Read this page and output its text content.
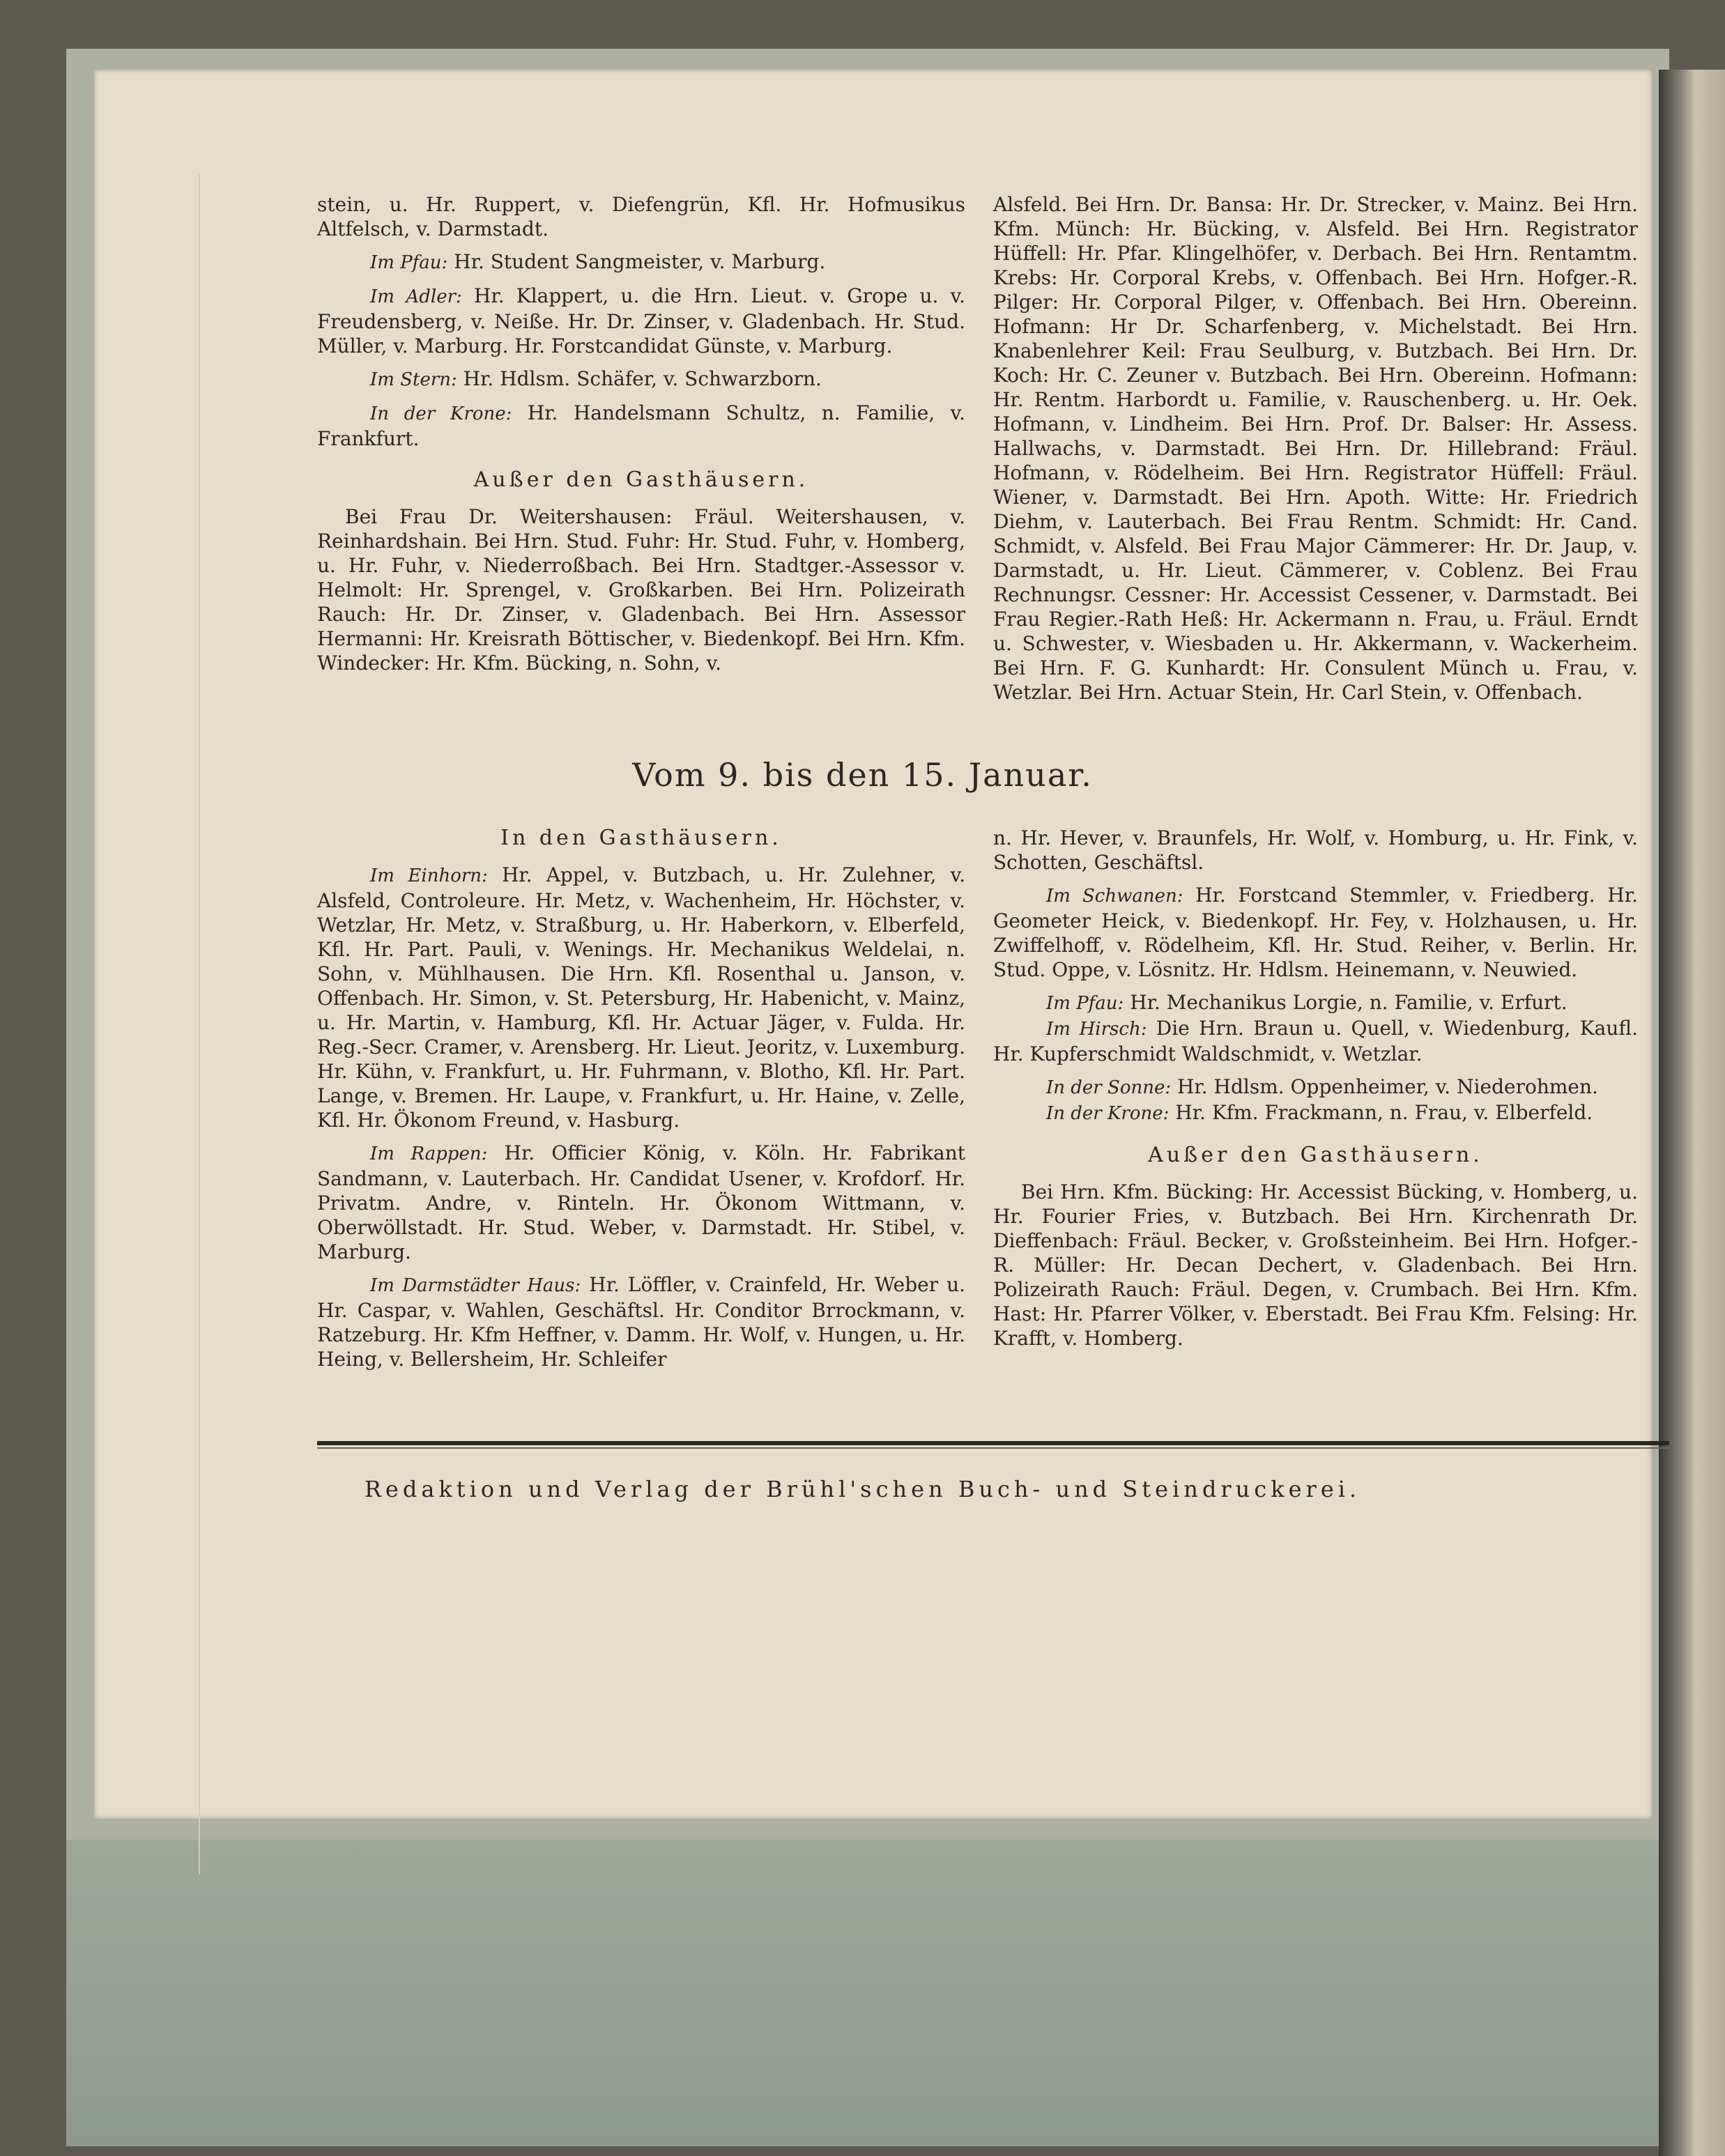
stein, u. Hr. Ruppert, v. Diefengrün, Kfl. Hr. Hofmusikus Altfelsch, v. Darmstadt.

Im Pfau: Hr. Student Sangmeister, v. Marburg.

Im Adler: Hr. Klappert, u. die Hrn. Lieut. v. Grope u. v. Freudensberg, v. Neiße. Hr. Dr. Zinser, v. Gladenbach. Hr. Stud. Müller, v. Marburg. Hr. Forstcandidat Günste, v. Marburg.

Im Stern: Hr. Hdlsm. Schäfer, v. Schwarzborn.

In der Krone: Hr. Handelsmann Schultz, n. Familie, v. Frankfurt.

Außer den Gasthäusern.

Bei Frau Dr. Weitershausen: Fräul. Weitershausen, v. Reinhardshain. Bei Hrn. Stud. Fuhr: Hr. Stud. Fuhr, v. Homberg, u. Hr. Fuhr, v. Niederroßbach. Bei Hrn. Stadtger.-Assessor v. Helmolt: Hr. Sprengel, v. Großkarben. Bei Hrn. Polizeirath Rauch: Hr. Dr. Zinser, v. Gladenbach. Bei Hrn. Assessor Hermanni: Hr. Kreisrath Böttischer, v. Biedenkopf. Bei Hrn. Kfm. Windecker: Hr. Kfm. Bücking, n. Sohn, v.

Alsfeld. Bei Hrn. Dr. Bansa: Hr. Dr. Strecker, v. Mainz. Bei Hrn. Kfm. Münch: Hr. Bücking, v. Alsfeld. Bei Hrn. Registrator Hüffell: Hr. Pfar. Klingelhöfer, v. Derbach. Bei Hrn. Rentamtm. Krebs: Hr. Corporal Krebs, v. Offenbach. Bei Hrn. Hofger.-R. Pilger: Hr. Corporal Pilger, v. Offenbach. Bei Hrn. Obereinn. Hofmann: Hr Dr. Scharfenberg, v. Michelstadt. Bei Hrn. Knabenlehrer Keil: Frau Seulburg, v. Butzbach. Bei Hrn. Dr. Koch: Hr. C. Zeuner v. Butzbach. Bei Hrn. Obereinn. Hofmann: Hr. Rentm. Harbordt u. Familie, v. Rauschenberg. u. Hr. Oek. Hofmann, v. Lindheim. Bei Hrn. Prof. Dr. Balser: Hr. Assess. Hallwachs, v. Darmstadt. Bei Hrn. Dr. Hillebrand: Fräul. Hofmann, v. Rödelheim. Bei Hrn. Registrator Hüffell: Fräul. Wiener, v. Darmstadt. Bei Hrn. Apoth. Witte: Hr. Friedrich Diehm, v. Lauterbach. Bei Frau Rentm. Schmidt: Hr. Cand. Schmidt, v. Alsfeld. Bei Frau Major Cämmerer: Hr. Dr. Jaup, v. Darmstadt, u. Hr. Lieut. Cämmerer, v. Coblenz. Bei Frau Rechnungsr. Cessner: Hr. Accessist Cessener, v. Darmstadt. Bei Frau Regier.-Rath Heß: Hr. Ackermann n. Frau, u. Fräul. Erndt u. Schwester, v. Wiesbaden u. Hr. Akkermann, v. Wackerheim. Bei Hrn. F. G. Kunhardt: Hr. Consulent Münch u. Frau, v. Wetzlar. Bei Hrn. Actuar Stein, Hr. Carl Stein, v. Offenbach.

Vom 9. bis den 15. Januar.

In den Gasthäusern.

Im Einhorn: Hr. Appel, v. Butzbach, u. Hr. Zulehner, v. Alsfeld, Controleure. Hr. Metz, v. Wachenheim, Hr. Höchster, v. Wetzlar, Hr. Metz, v. Straßburg, u. Hr. Haberkorn, v. Elberfeld, Kfl. Hr. Part. Pauli, v. Wenings. Hr. Mechanikus Weldelai, n. Sohn, v. Mühlhausen. Die Hrn. Kfl. Rosenthal u. Janson, v. Offenbach. Hr. Simon, v. St. Petersburg, Hr. Habenicht, v. Mainz, u. Hr. Martin, v. Hamburg, Kfl. Hr. Actuar Jäger, v. Fulda. Hr. Reg.-Secr. Cramer, v. Arensberg. Hr. Lieut. Jeoritz, v. Luxemburg. Hr. Kühn, v. Frankfurt, u. Hr. Fuhrmann, v. Blotho, Kfl. Hr. Part. Lange, v. Bremen. Hr. Laupe, v. Frankfurt, u. Hr. Haine, v. Zelle, Kfl. Hr. Ökonom Freund, v. Hasburg.

Im Rappen: Hr. Officier König, v. Köln. Hr. Fabrikant Sandmann, v. Lauterbach. Hr. Candidat Usener, v. Krofdorf. Hr. Privatm. Andre, v. Rinteln. Hr. Ökonom Wittmann, v. Oberwöllstadt. Hr. Stud. Weber, v. Darmstadt. Hr. Stibel, v. Marburg.

Im Darmstädter Haus: Hr. Löffler, v. Crainfeld, Hr. Weber u. Hr. Caspar, v. Wahlen, Geschäftsl. Hr. Conditor Brrockmann, v. Ratzeburg. Hr. Kfm Heffner, v. Damm. Hr. Wolf, v. Hungen, u. Hr. Heing, v. Bellersheim, Hr. Schleifer

n. Hr. Hever, v. Braunfels, Hr. Wolf, v. Homburg, u. Hr. Fink, v. Schotten, Geschäftsl.

Im Schwanen: Hr. Forstcand Stemmler, v. Friedberg. Hr. Geometer Heick, v. Biedenkopf. Hr. Fey, v. Holzhausen, u. Hr. Zwiffelhoff, v. Rödelheim, Kfl. Hr. Stud. Reiher, v. Berlin. Hr. Stud. Oppe, v. Lösnitz. Hr. Hdlsm. Heinemann, v. Neuwied.

Im Pfau: Hr. Mechanikus Lorgie, n. Familie, v. Erfurt.

Im Hirsch: Die Hrn. Braun u. Quell, v. Wiedenburg, Kaufl. Hr. Kupferschmidt Waldschmidt, v. Wetzlar.

In der Sonne: Hr. Hdlsm. Oppenheimer, v. Niederohmen.

In der Krone: Hr. Kfm. Frackmann, n. Frau, v. Elberfeld.

Außer den Gasthäusern.

Bei Hrn. Kfm. Bücking: Hr. Accessist Bücking, v. Homberg, u. Hr. Fourier Fries, v. Butzbach. Bei Hrn. Kirchenrath Dr. Dieffenbach: Fräul. Becker, v. Großsteinheim. Bei Hrn. Hofger.-R. Müller: Hr. Decan Dechert, v. Gladenbach. Bei Hrn. Polizeirath Rauch: Fräul. Degen, v. Crumbach. Bei Hrn. Kfm. Hast: Hr. Pfarrer Völker, v. Eberstadt. Bei Frau Kfm. Felsing: Hr. Krafft, v. Homberg.

Redaktion und Verlag der Brühl'schen Buch- und Steindruckerei.
